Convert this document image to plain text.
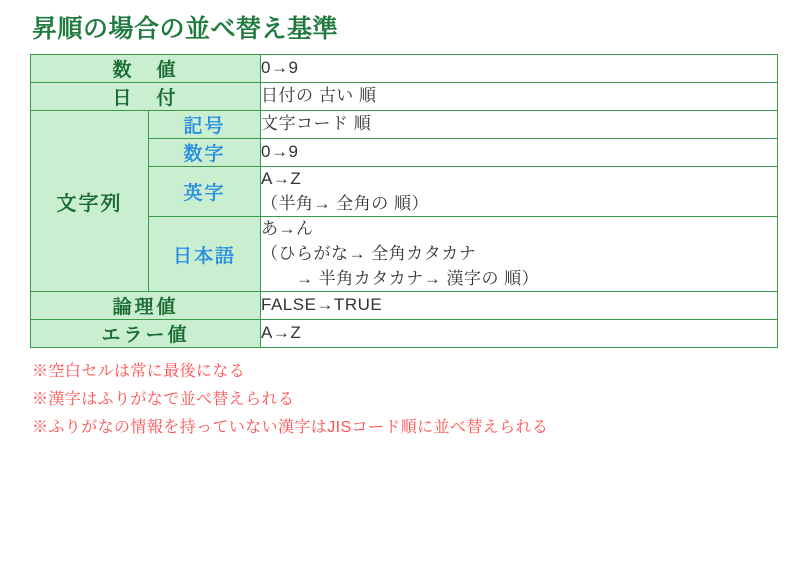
昇順の場合の並べ替え基準
数　値		0→9
日　付		日付の 古い 順
文字列	記号	文字コード 順
	数字	0→9
	英字	A→Z
（半角→ 全角の 順）

	日本語	あ→ん
（ひらがな→ 全角カタカナ
　　→ 半角カタカナ→ 漢字の 順）

論理値		FALSE→TRUE
エラー値		A→Z
※空白セルは常に最後になる
※漢字はふりがなで並べ替えられる
※ふりがなの情報を持っていない漢字はJISコード順に並べ替えられる
